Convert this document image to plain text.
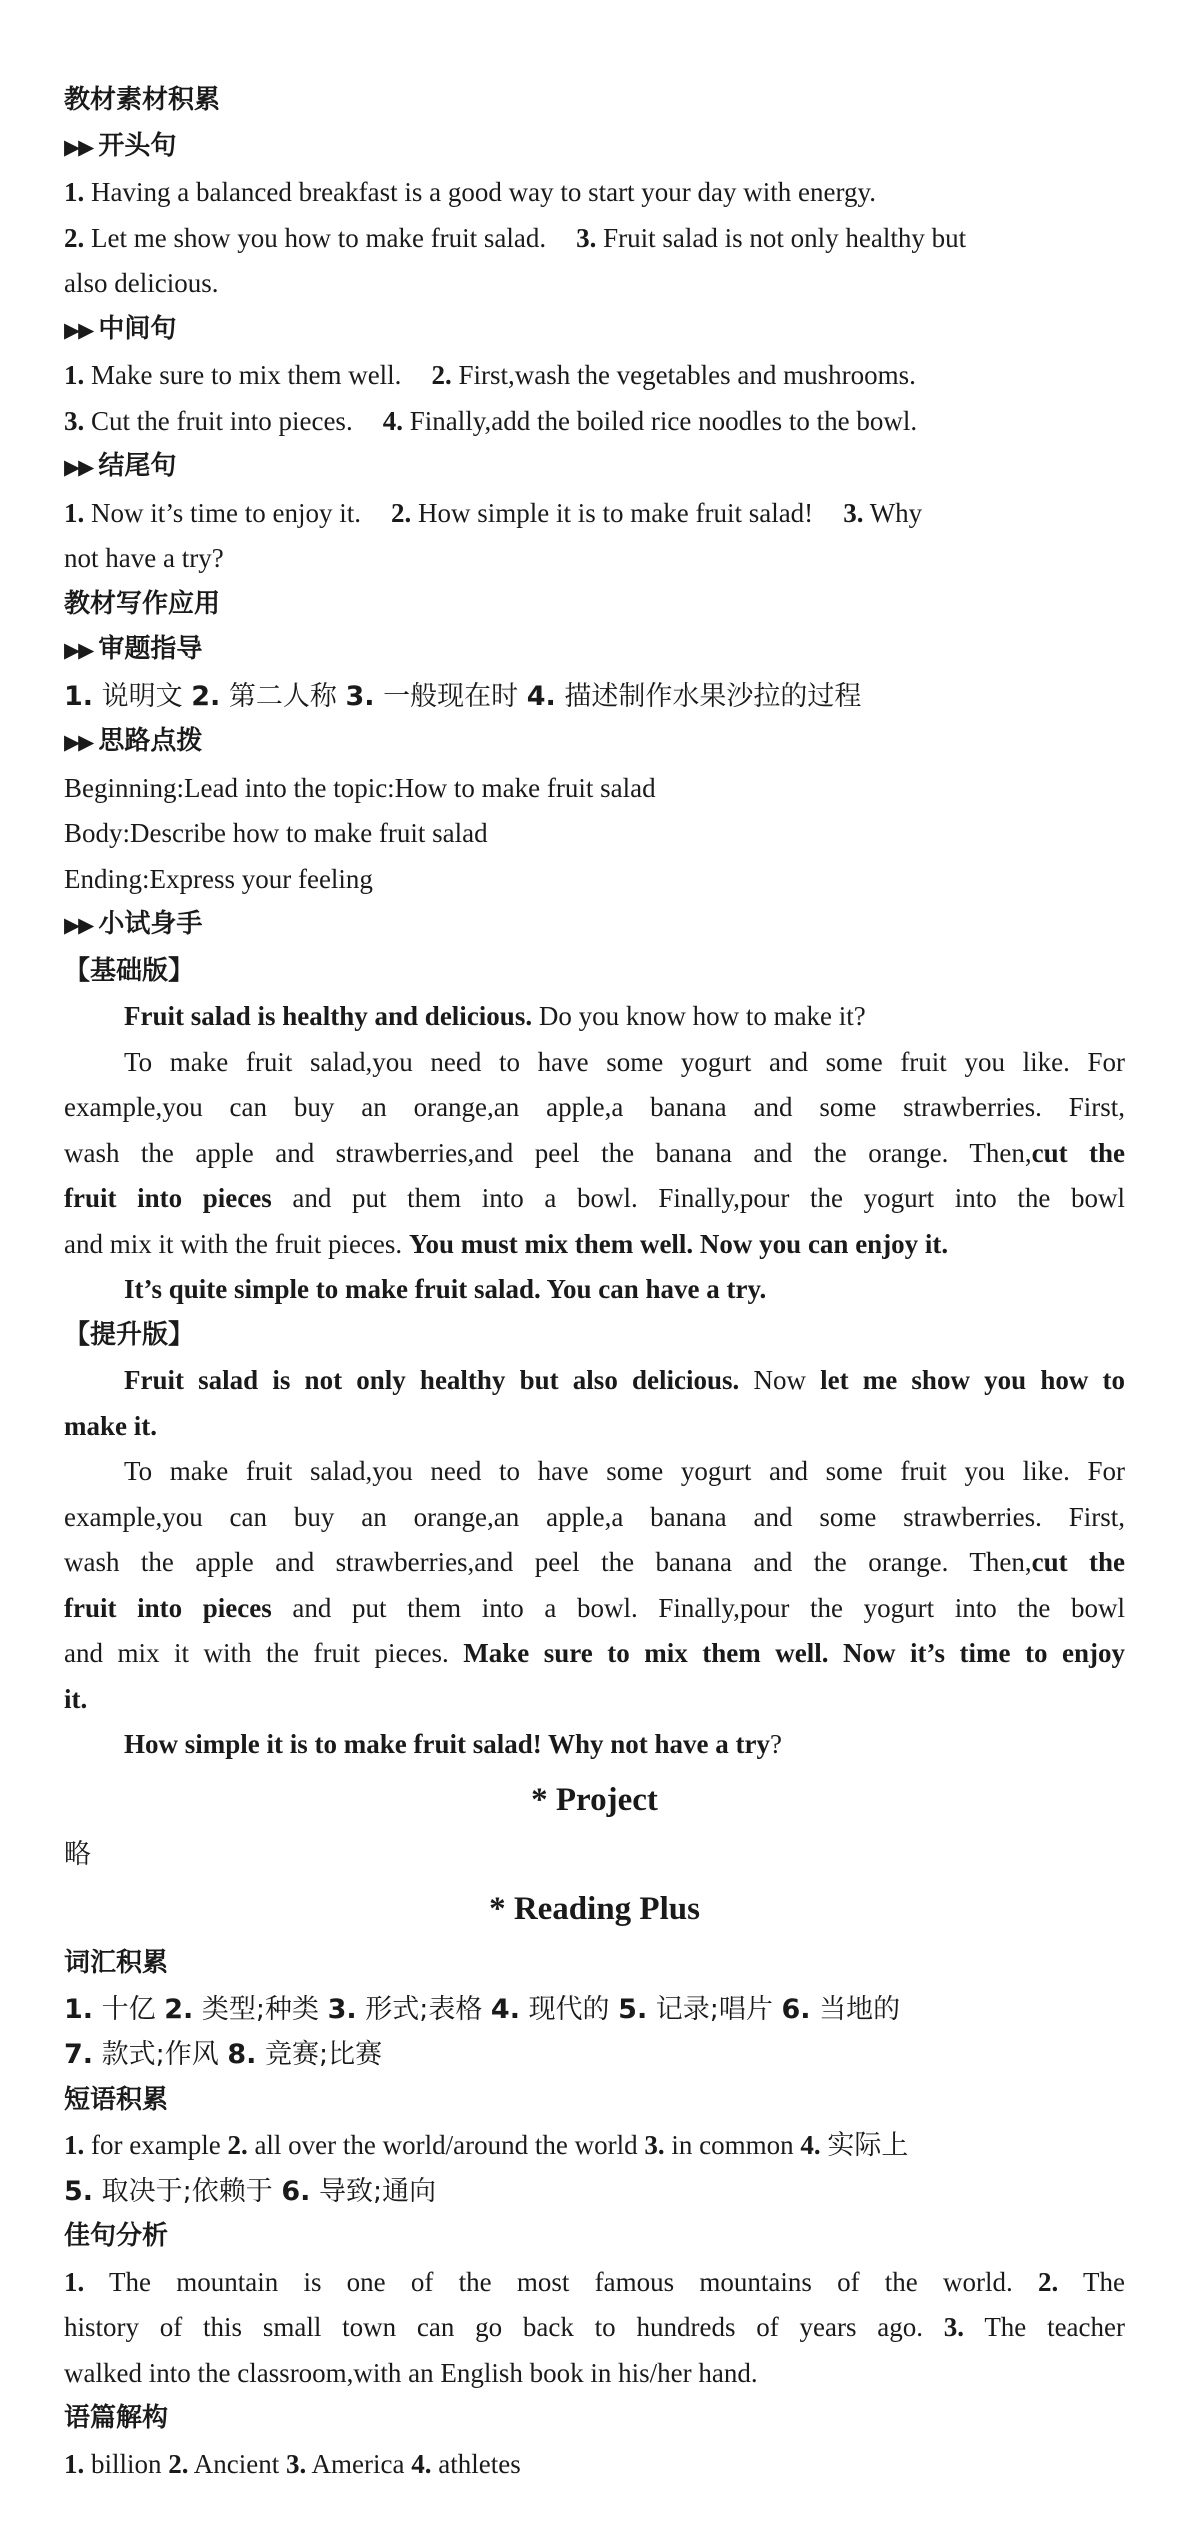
教材素材积累
▶▶ 开头句
1. Having a balanced breakfast is a good way to start your day with energy.
2. Let me show you how to make fruit salad. 3. Fruit salad is not only healthy but
also delicious.
▶▶ 中间句
1. Make sure to mix them well. 2. First,wash the vegetables and mushrooms.
3. Cut the fruit into pieces. 4. Finally,add the boiled rice noodles to the bowl.
▶▶ 结尾句
1. Now it’s time to enjoy it. 2. How simple it is to make fruit salad! 3. Why
not have a try?
教材写作应用
▶▶ 审题指导
1. 说明文 2. 第二人称 3. 一般现在时 4. 描述制作水果沙拉的过程
▶▶ 思路点拨
Beginning:Lead into the topic:How to make fruit salad
Body:Describe how to make fruit salad
Ending:Express your feeling
▶▶ 小试身手
【基础版】
Fruit salad is healthy and delicious. Do you know how to make it?
To make fruit salad,you need to have some yogurt and some fruit you like. For
example,you can buy an orange,an apple,a banana and some strawberries. First,
wash the apple and strawberries,and peel the banana and the orange. Then,cut the
fruit into pieces and put them into a bowl. Finally,pour the yogurt into the bowl
and mix it with the fruit pieces. You must mix them well. Now you can enjoy it.
It’s quite simple to make fruit salad. You can have a try.
【提升版】
Fruit salad is not only healthy but also delicious. Now let me show you how to
make it.
To make fruit salad,you need to have some yogurt and some fruit you like. For
example,you can buy an orange,an apple,a banana and some strawberries. First,
wash the apple and strawberries,and peel the banana and the orange. Then,cut the
fruit into pieces and put them into a bowl. Finally,pour the yogurt into the bowl
and mix it with the fruit pieces. Make sure to mix them well. Now it’s time to enjoy
it.
How simple it is to make fruit salad! Why not have a try?
* Project
略
* Reading Plus
词汇积累
1. 十亿 2. 类型;种类 3. 形式;表格 4. 现代的 5. 记录;唱片 6. 当地的
7. 款式;作风 8. 竞赛;比赛
短语积累
1. for example 2. all over the world/around the world 3. in common 4. 实际上
5. 取决于;依赖于 6. 导致;通向
佳句分析
1. The mountain is one of the most famous mountains of the world. 2. The
history of this small town can go back to hundreds of years ago. 3. The teacher
walked into the classroom,with an English book in his/her hand.
语篇解构
1. billion 2. Ancient 3. America 4. athletes
